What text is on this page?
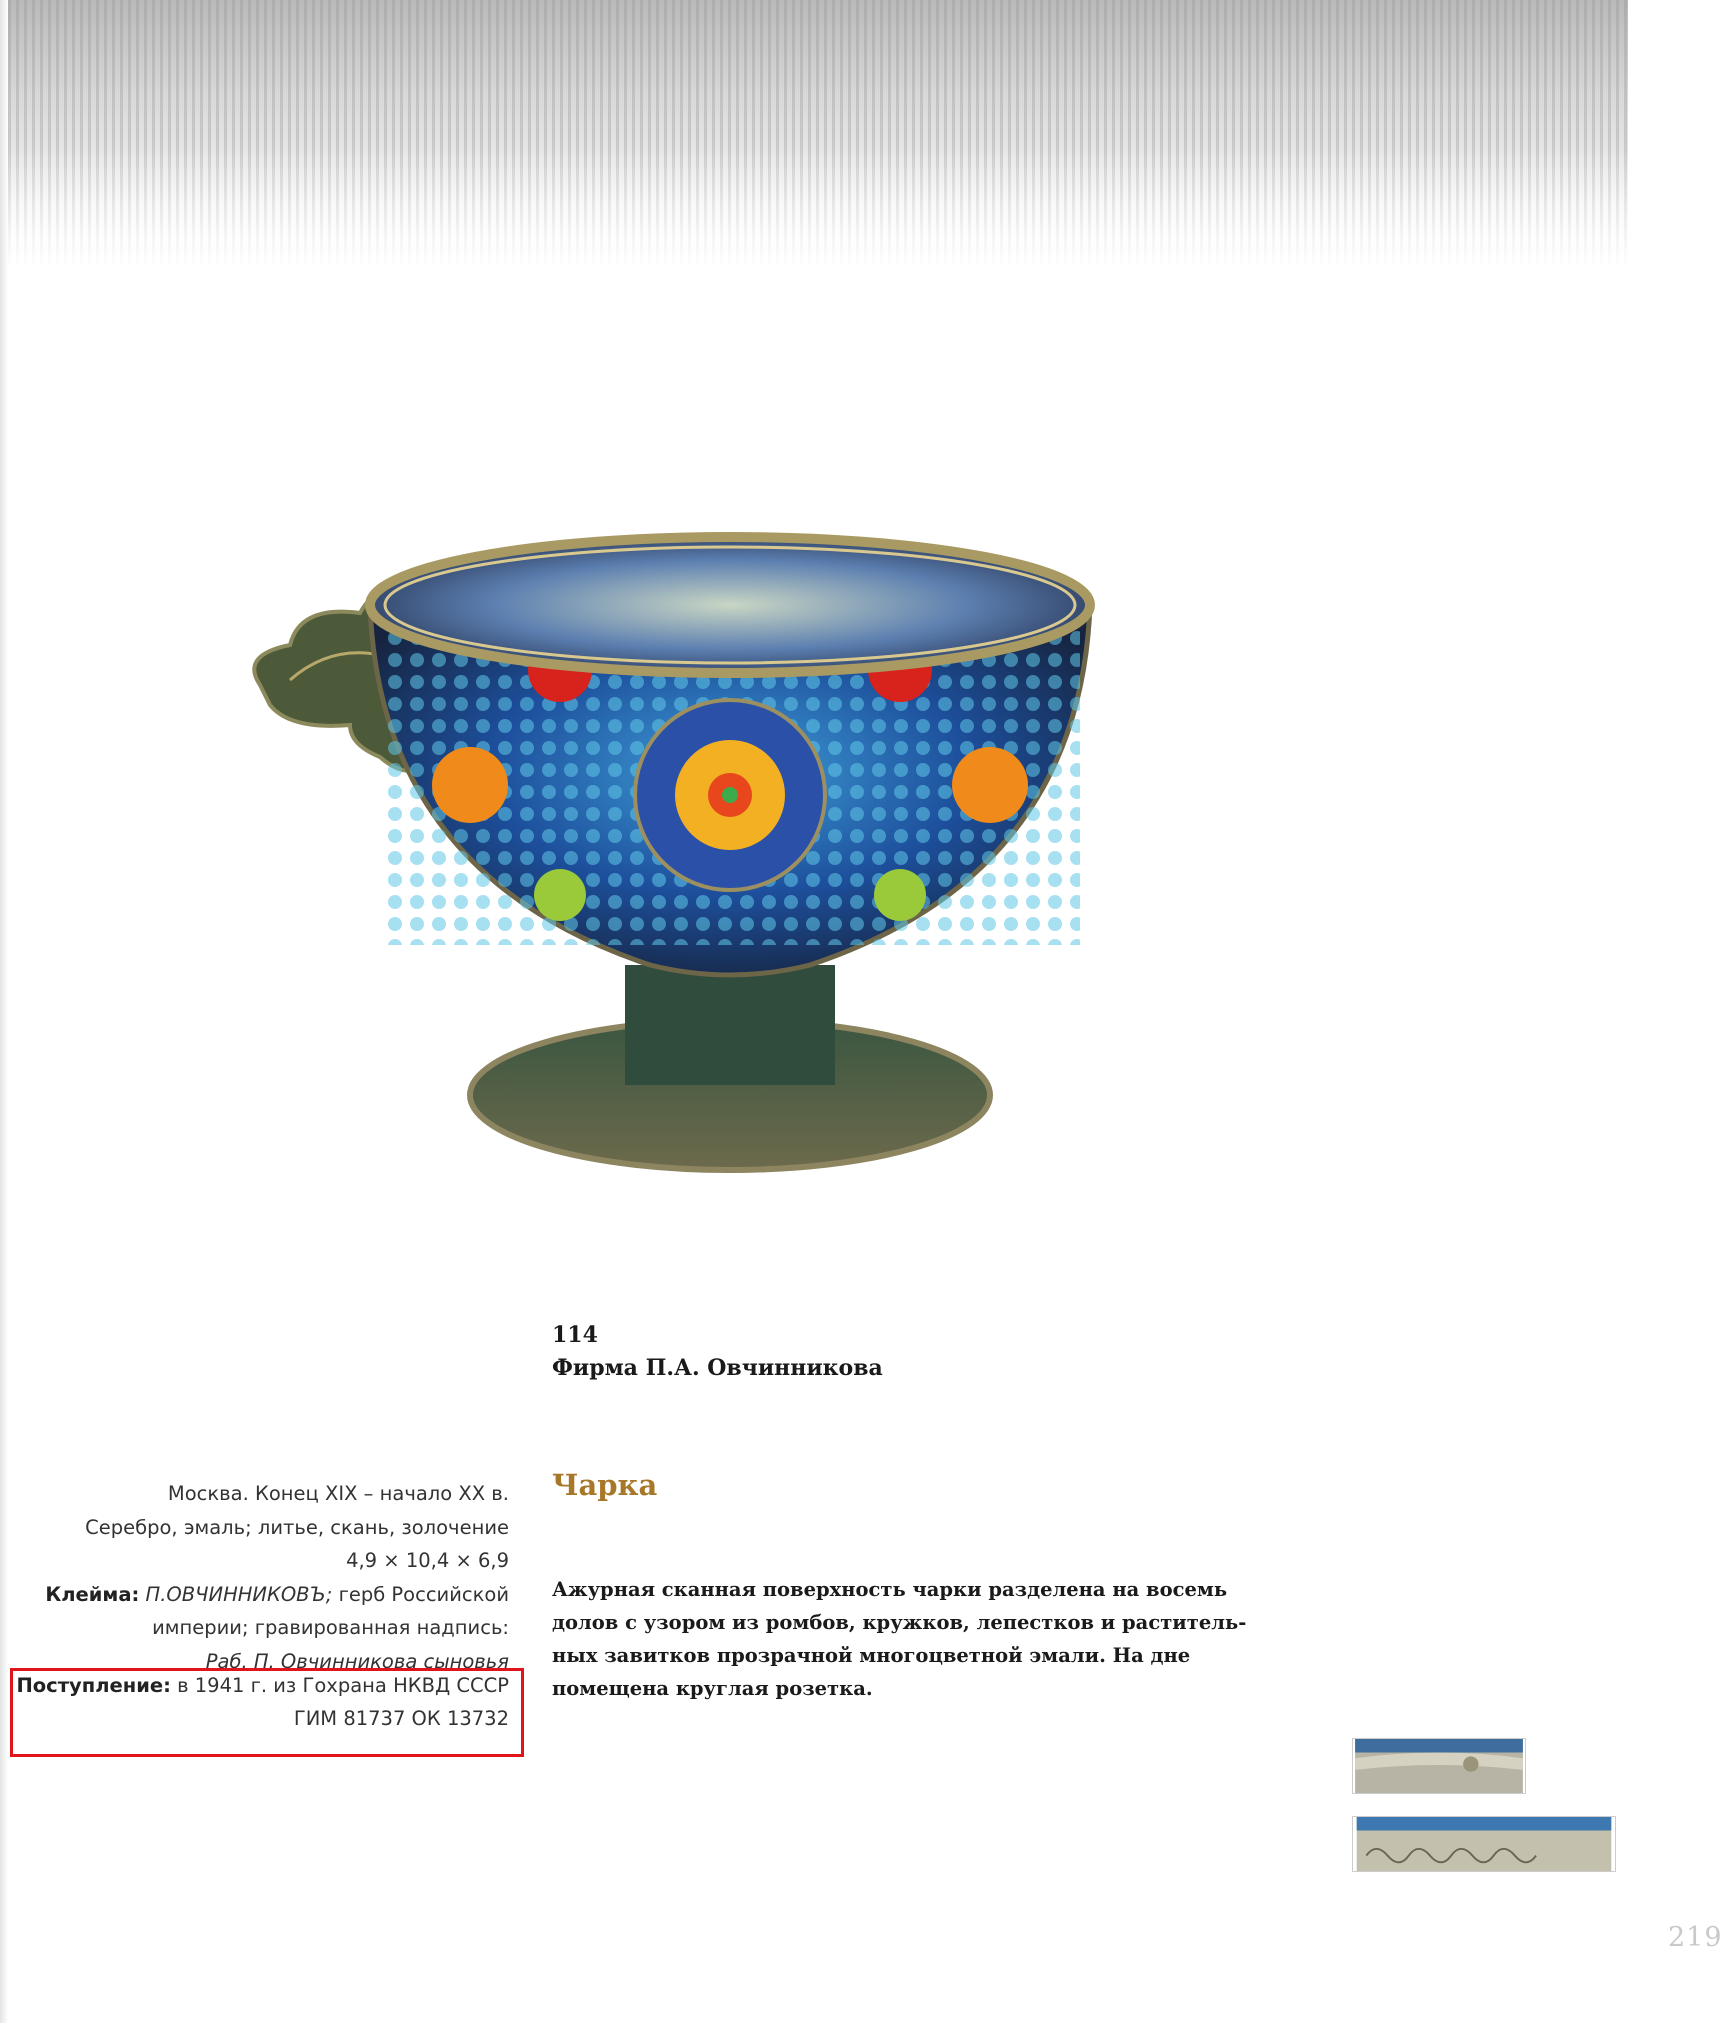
114
Фирма П.А. Овчинникова
Чарка
Ажурная сканная поверхность чарки разделена на восемь
долов с узором из ромбов, кружков, лепестков и раститель-
ных завитков прозрачной многоцветной эмали. На дне
помещена круглая розетка.
Москва. Конец XIX – начало XX в.
Серебро, эмаль; литье, скань, золочение
4,9 × 10,4 × 6,9
Клейма: П.ОВЧИННИКОВЪ; герб Российской
империи; гравированная надпись:
Раб. П. Овчинникова сыновья
Поступление: в 1941 г. из Гохрана НКВД СССР
ГИМ 81737 ОК 13732
219
